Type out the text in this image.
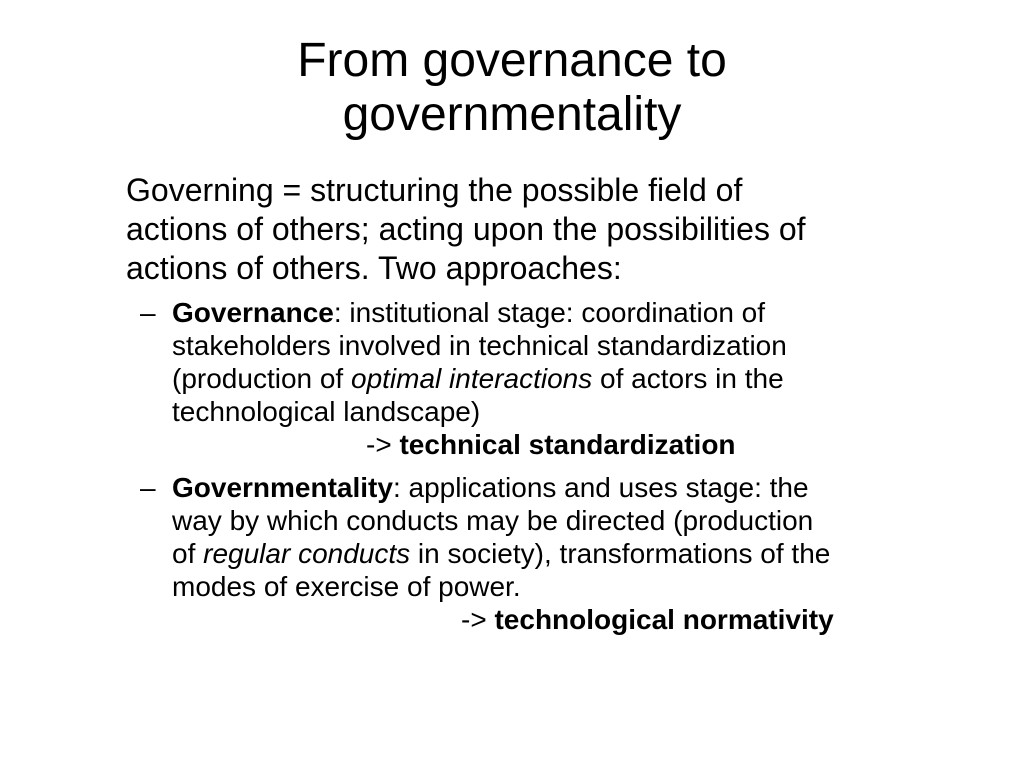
From governance to
governmentality
Governing = structuring the possible field of
actions of others; acting upon the possibilities of
actions of others. Two approaches:
– Governance: institutional stage: coordination of
stakeholders involved in technical standardization
(production of optimal interactions of actors in the
technological landscape)
-> technical standardization
– Governmentality: applications and uses stage: the
way by which conducts may be directed (production
of regular conducts in society), transformations of the
modes of exercise of power.
-> technological normativity
